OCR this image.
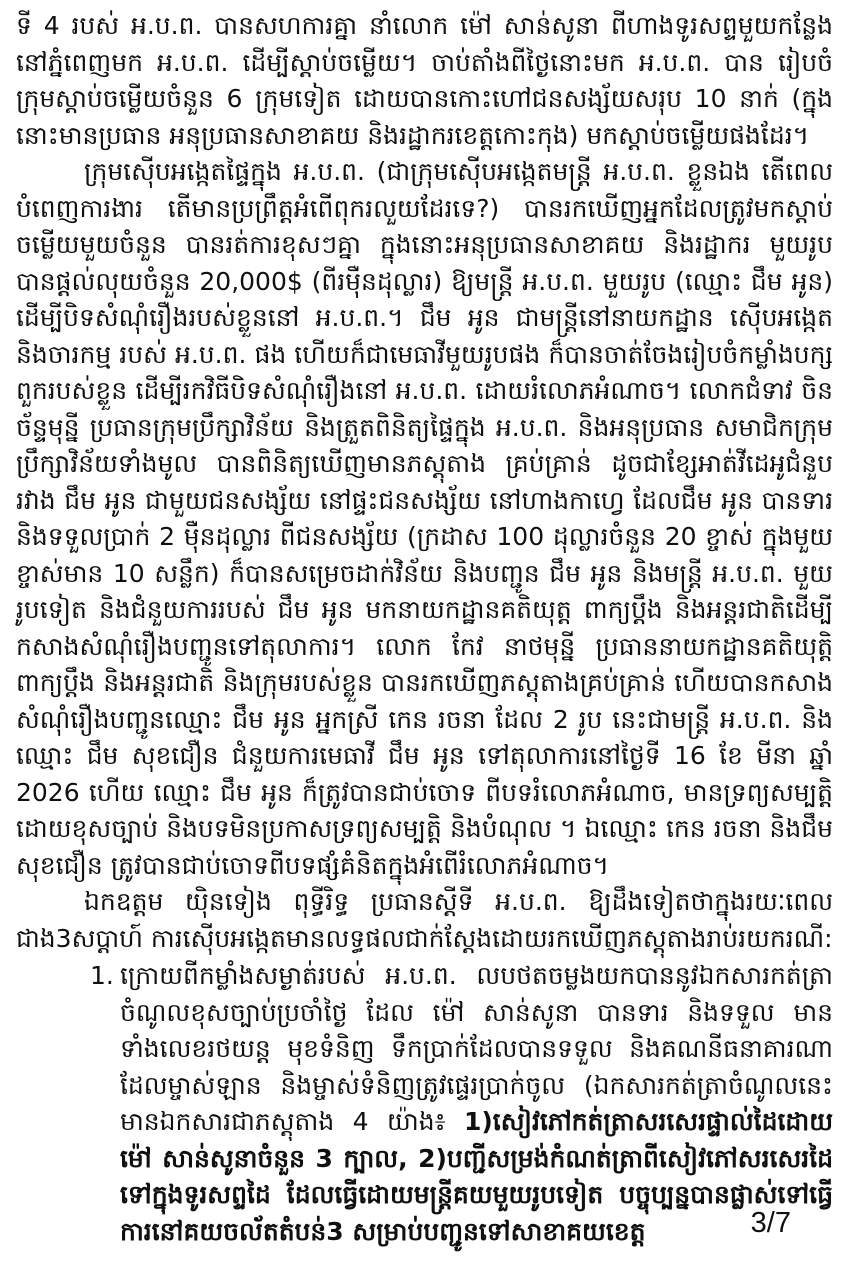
ទី 4 របស់ អ.ប.ព. បានសហការគ្នា នាំលោក ម៉ៅ សាន់សូនា ពីហាងទូរសព្ទមួយកន្លែងនៅភ្នំពេញមក អ.ប.ព. ដើម្បីស្តាប់ចម្លើយ។ ចាប់តាំងពីថ្ងៃនោះមក អ.ប.ព. បាន រៀបចំក្រុមស្តាប់ចម្លើយចំនួន 6 ក្រុមទៀត ដោយបានកោះហៅជនសង្ស័យសរុប 10 នាក់ (ក្នុងនោះមានប្រធាន អនុប្រធានសាខាគយ និងរដ្ឋាករខេត្តកោះកុង) មកស្តាប់ចម្លើយផងដែរ។

ក្រុមស៊ើបអង្កេតផ្ទៃក្នុង អ.ប.ព. (ជាក្រុមស៊ើបអង្កេតមន្ត្រី អ.ប.ព. ខ្លួនឯង តើពេលបំពេញការងារ តើមានប្រព្រឹត្តអំពើពុករលួយដែរទេ?) បានរកឃើញអ្នកដែលត្រូវមកស្តាប់ចម្លើយមួយចំនួន បានរត់ការខុសៗគ្នា ក្នុងនោះអនុប្រធានសាខាគយ និងរដ្ឋាករ មួយរូប បានផ្តល់លុយចំនួន 20,000$ (ពីរម៉ឺនដុល្លារ) ឱ្យមន្ត្រី អ.ប.ព. មួយរូប (ឈ្មោះ ជឹម អូន) ដើម្បីបិទសំណុំរឿងរបស់ខ្លួននៅ អ.ប.ព.។ ជឹម អូន ជាមន្ត្រីនៅនាយកដ្ឋាន ស៊ើបអង្កេត និងចារកម្ម របស់ អ.ប.ព. ផង ហើយក៏ជាមេធាវីមួយរូបផង ក៏បានចាត់ចែងរៀបចំកម្លាំងបក្សពួករបស់ខ្លួន ដើម្បីរកវិធីបិទសំណុំរឿងនៅ អ.ប.ព. ដោយរំលោភអំណាច។ លោកជំទាវ ចិន ច័ន្ទមុន្នី ប្រធានក្រុមប្រឹក្សាវិន័យ និងត្រួតពិនិត្យផ្ទៃក្នុង អ.ប.ព. និងអនុប្រធាន សមាជិកក្រុមប្រឹក្សាវិន័យទាំងមូល បានពិនិត្យឃើញមានភស្តុតាង គ្រប់គ្រាន់ ដូចជាខ្សែអាត់វីដេអូជំនួបរវាង ជឹម អូន ជាមួយជនសង្ស័យ នៅផ្ទះជនសង្ស័យ នៅហាងកាហ្វេ ដែលជឹម អូន បានទារ និងទទួលប្រាក់ 2 ម៉ឺនដុល្លារ ពីជនសង្ស័យ (ក្រដាស 100 ដុល្លារចំនួន 20 ខ្ចាស់ ក្នុងមួយខ្ចាស់មាន 10 សន្លឹក) ក៏បានសម្រេចដាក់វិន័យ និងបញ្ជូន ជឹម អូន និងមន្ត្រី អ.ប.ព. មួយរូបទៀត និងជំនួយការរបស់ ជឹម អូន មកនាយកដ្ឋានគតិយុត្ត ពាក្យប្ដឹង និងអន្តរជាតិដើម្បីកសាងសំណុំរឿងបញ្ជូនទៅតុលាការ។ លោក កែវ នាថមុន្នី ប្រធាននាយកដ្ឋានគតិយុត្តិ ពាក្យប្ដឹង និងអន្តរជាតិ និងក្រុមរបស់ខ្លួន បានរកឃើញភស្តុតាងគ្រប់គ្រាន់ ហើយបានកសាងសំណុំរឿងបញ្ជូនឈ្មោះ ជឹម អូន អ្នកស្រី កេន រចនា ដែល 2 រូប នេះជាមន្ត្រី អ.ប.ព. និងឈ្មោះ ជឹម សុខជឿន ជំនួយការមេធាវី ជឹម អូន ទៅតុលាការនៅថ្ងៃទី 16 ខែ មីនា ឆ្នាំ 2026 ហើយ ឈ្មោះ ជឹម អូន ក៏ត្រូវបានជាប់ចោទ ពីបទរំលោភអំណាច, មានទ្រព្យសម្បត្តិដោយខុសច្បាប់ និងបទមិនប្រកាសទ្រព្យសម្បត្តិ និងបំណុល ។ ឯឈ្មោះ កេន រចនា និងជឹម សុខជឿន ត្រូវបានជាប់ចោទពីបទផ្សំគំនិតក្នុងអំពើរំលោភអំណាច។

ឯកឧត្តម យ៉ិនទៀង ពុទ្ធីរិទ្ធ ប្រធានស្តីទី អ.ប.ព. ឱ្យដឹងទៀតថាក្នុងរយៈពេលជាង3សប្តាហ៍ ការស៊ើបអង្កេតមានលទ្ធផលជាក់ស្តែងដោយរកឃើញភស្តុតាងរាប់រយករណី:

1. ក្រោយពីកម្លាំងសម្ងាត់របស់ អ.ប.ព. លបថតចម្លងយកបាននូវឯកសារកត់ត្រាចំណូលខុសច្បាប់ប្រចាំថ្ងៃ ដែល ម៉ៅ សាន់សូនា បានទារ និងទទួល មានទាំងលេខរថយន្ត មុខទំនិញ ទឹកប្រាក់ដែលបានទទួល និងគណនីធនាគារណាដែលម្ចាស់ឡាន និងម្ចាស់ទំនិញត្រូវផ្ទេរប្រាក់ចូល (ឯកសារកត់ត្រាចំណូលនេះមានឯកសារជាភស្តុតាង 4 យ៉ាង៖ 1)សៀវភៅកត់ត្រាសរសេរផ្ទាល់ដៃដោយ ម៉ៅ សាន់សូនាចំនួន 3 ក្បាល, 2)បញ្ជីសម្រង់កំណត់ត្រាពីសៀវភៅសរសេរដៃទៅក្នុងទូរសព្ទដៃ ដែលធ្វើដោយមន្ត្រីគយមួយរូបទៀត បច្ចុប្បន្នបានផ្លាស់ទៅធ្វើការនៅគយចល័តតំបន់3 សម្រាប់បញ្ជូនទៅសាខាគយខេត្ត	3/7
